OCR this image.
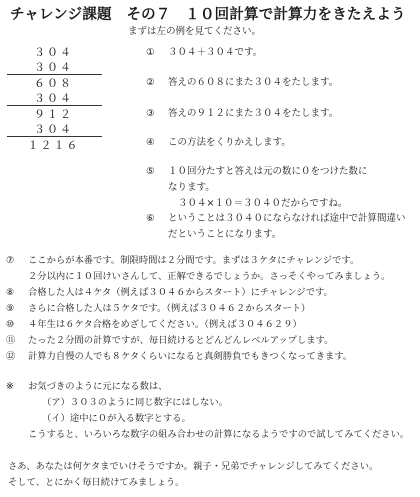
チャレンジ課題　その７　１０回計算で計算力をきたえよう
まずは左の例を見てください。
３０４
３０４
６０８
３０４
９１２
３０４
１２１６
① ３０４＋３０４です。
② 答えの６０８にまた３０４をたします。
③ 答えの９１２にまた３０４をたします。
④ この方法をくりかえします。
⑤ １０回分たすと答えは元の数に０をつけた数に
なります。
３０４×１０＝３０４０だからですね。
⑥ ということは３０４０にならなければ途中で計算間違い
だということになります。
⑦ ここからが本番です。制限時間は２分間です。まずは３ケタにチャレンジです。
２分以内に１０回けいさんして、正解できるでしょうか。さっそくやってみましょう。
⑧ 合格した人は４ケタ（例えば３０４６からスタート）にチャレンジです。
⑨ さらに合格した人は５ケタです。（例えば３０４６２からスタート）
⑩ ４年生は６ケタ合格をめざしてください。（例えば３０４６２９）
⑪ たった２分間の計算ですが、毎日続けるとどんどんレベルアップします。
⑫ 計算力自慢の人でも８ケタくらいになると真剣勝負でもきつくなってきます。
※ お気づきのように元になる数は、
（ア）３０３のように同じ数字にはしない。
（イ）途中に０が入る数字とする。
こうすると、いろいろな数字の組み合わせの計算になるようですので試してみてください。
さあ、あなたは何ケタまでいけそうですか。親子・兄弟でチャレンジしてみてください。
そして、とにかく毎日続けてみましょう。
